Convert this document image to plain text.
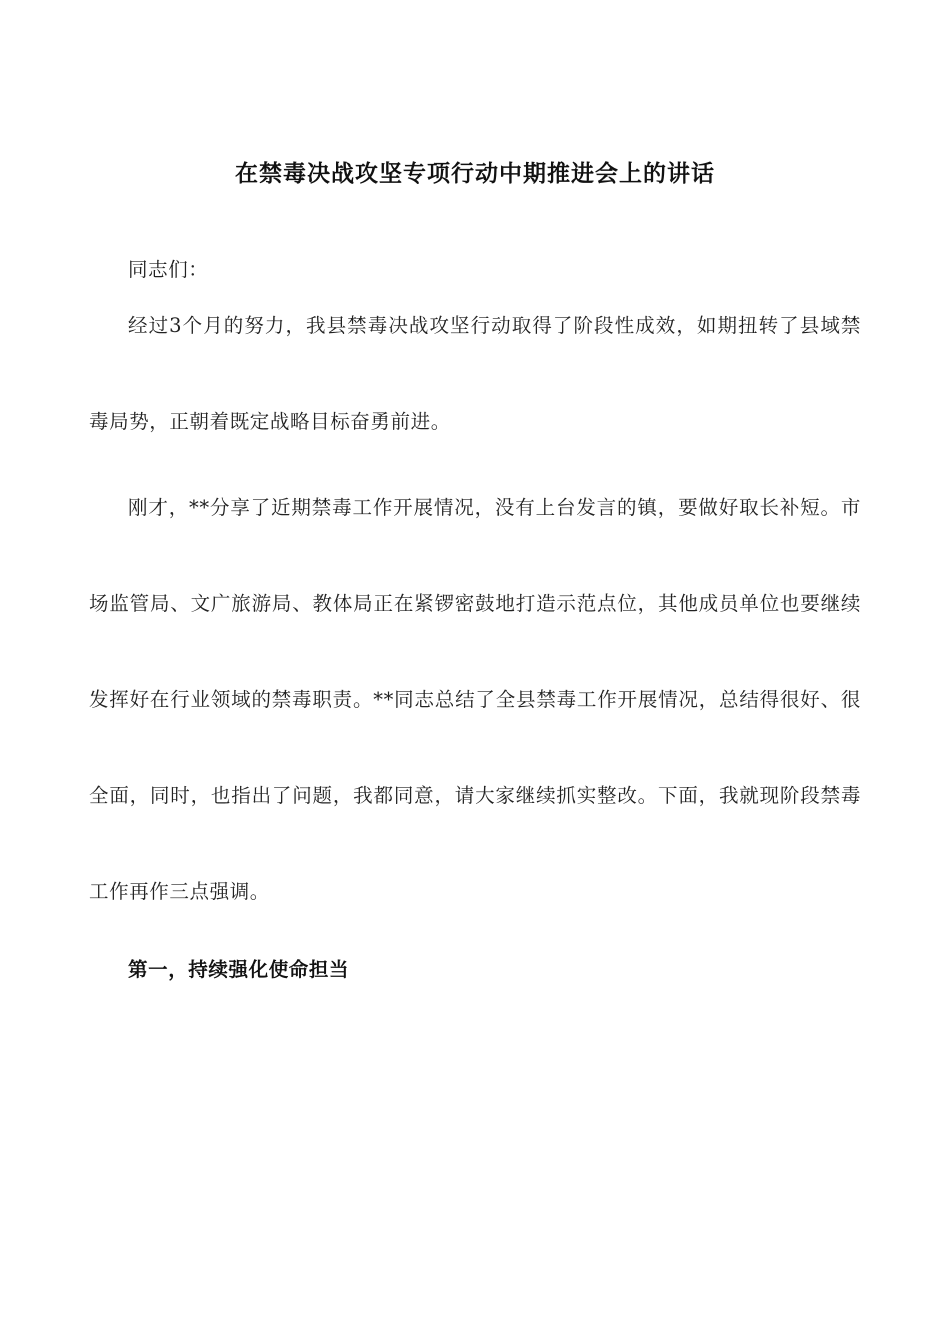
在禁毒决战攻坚专项行动中期推进会上的讲话

同志们：

经过3个月的努力，我县禁毒决战攻坚行动取得了阶段性成效，如期扭转了县域禁毒局势，正朝着既定战略目标奋勇前进。

刚才，**分享了近期禁毒工作开展情况，没有上台发言的镇，要做好取长补短。市场监管局、文广旅游局、教体局正在紧锣密鼓地打造示范点位，其他成员单位也要继续发挥好在行业领域的禁毒职责。**同志总结了全县禁毒工作开展情况，总结得很好、很全面，同时，也指出了问题，我都同意，请大家继续抓实整改。下面，我就现阶段禁毒工作再作三点强调。

第一，持续强化使命担当
